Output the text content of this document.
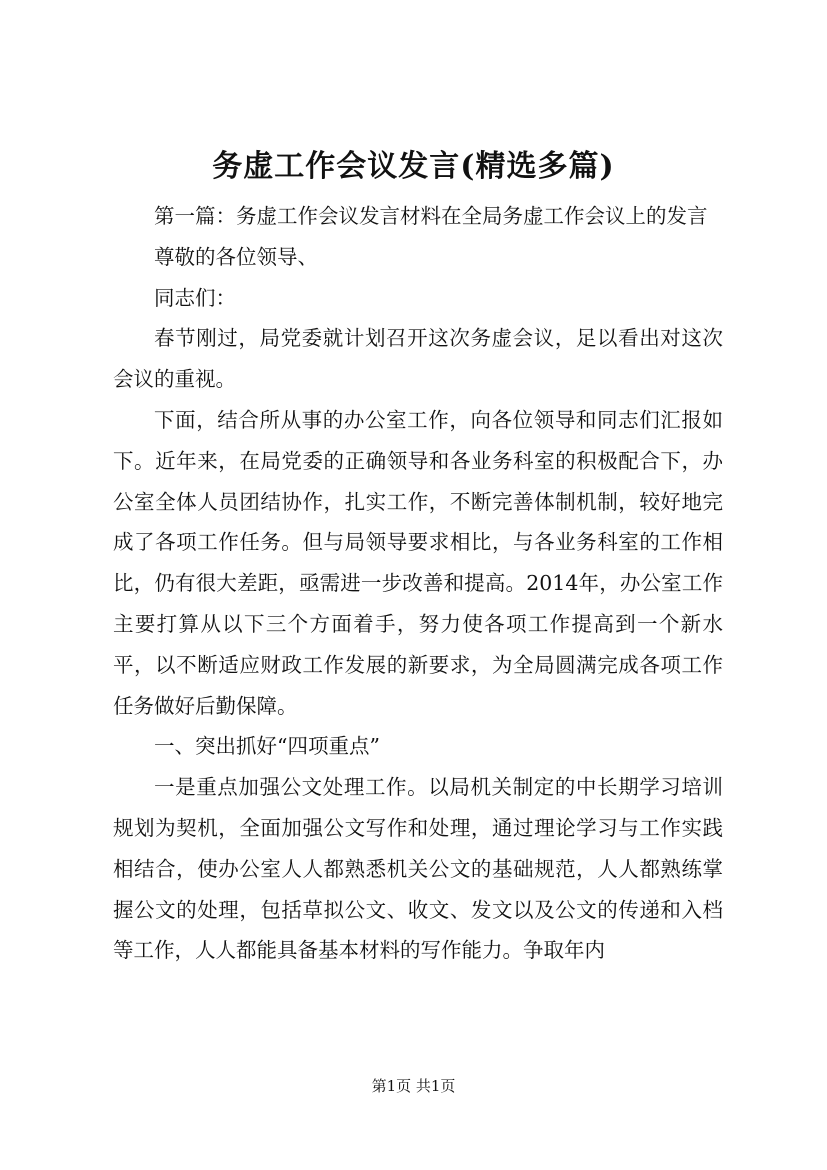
务虚工作会议发言(精选多篇)

第一篇：务虚工作会议发言材料在全局务虚工作会议上的发言

尊敬的各位领导、

同志们：

春节刚过，局党委就计划召开这次务虚会议，足以看出对这次会议的重视。

下面，结合所从事的办公室工作，向各位领导和同志们汇报如下。近年来，在局党委的正确领导和各业务科室的积极配合下，办公室全体人员团结协作，扎实工作，不断完善体制机制，较好地完成了各项工作任务。但与局领导要求相比，与各业务科室的工作相比，仍有很大差距，亟需进一步改善和提高。2014年，办公室工作主要打算从以下三个方面着手，努力使各项工作提高到一个新水平，以不断适应财政工作发展的新要求，为全局圆满完成各项工作任务做好后勤保障。

一、突出抓好“四项重点”

一是重点加强公文处理工作。以局机关制定的中长期学习培训规划为契机，全面加强公文写作和处理，通过理论学习与工作实践相结合，使办公室人人都熟悉机关公文的基础规范，人人都熟练掌握公文的处理，包括草拟公文、收文、发文以及公文的传递和入档等工作，人人都能具备基本材料的写作能力。争取年内

第1页 共1页
